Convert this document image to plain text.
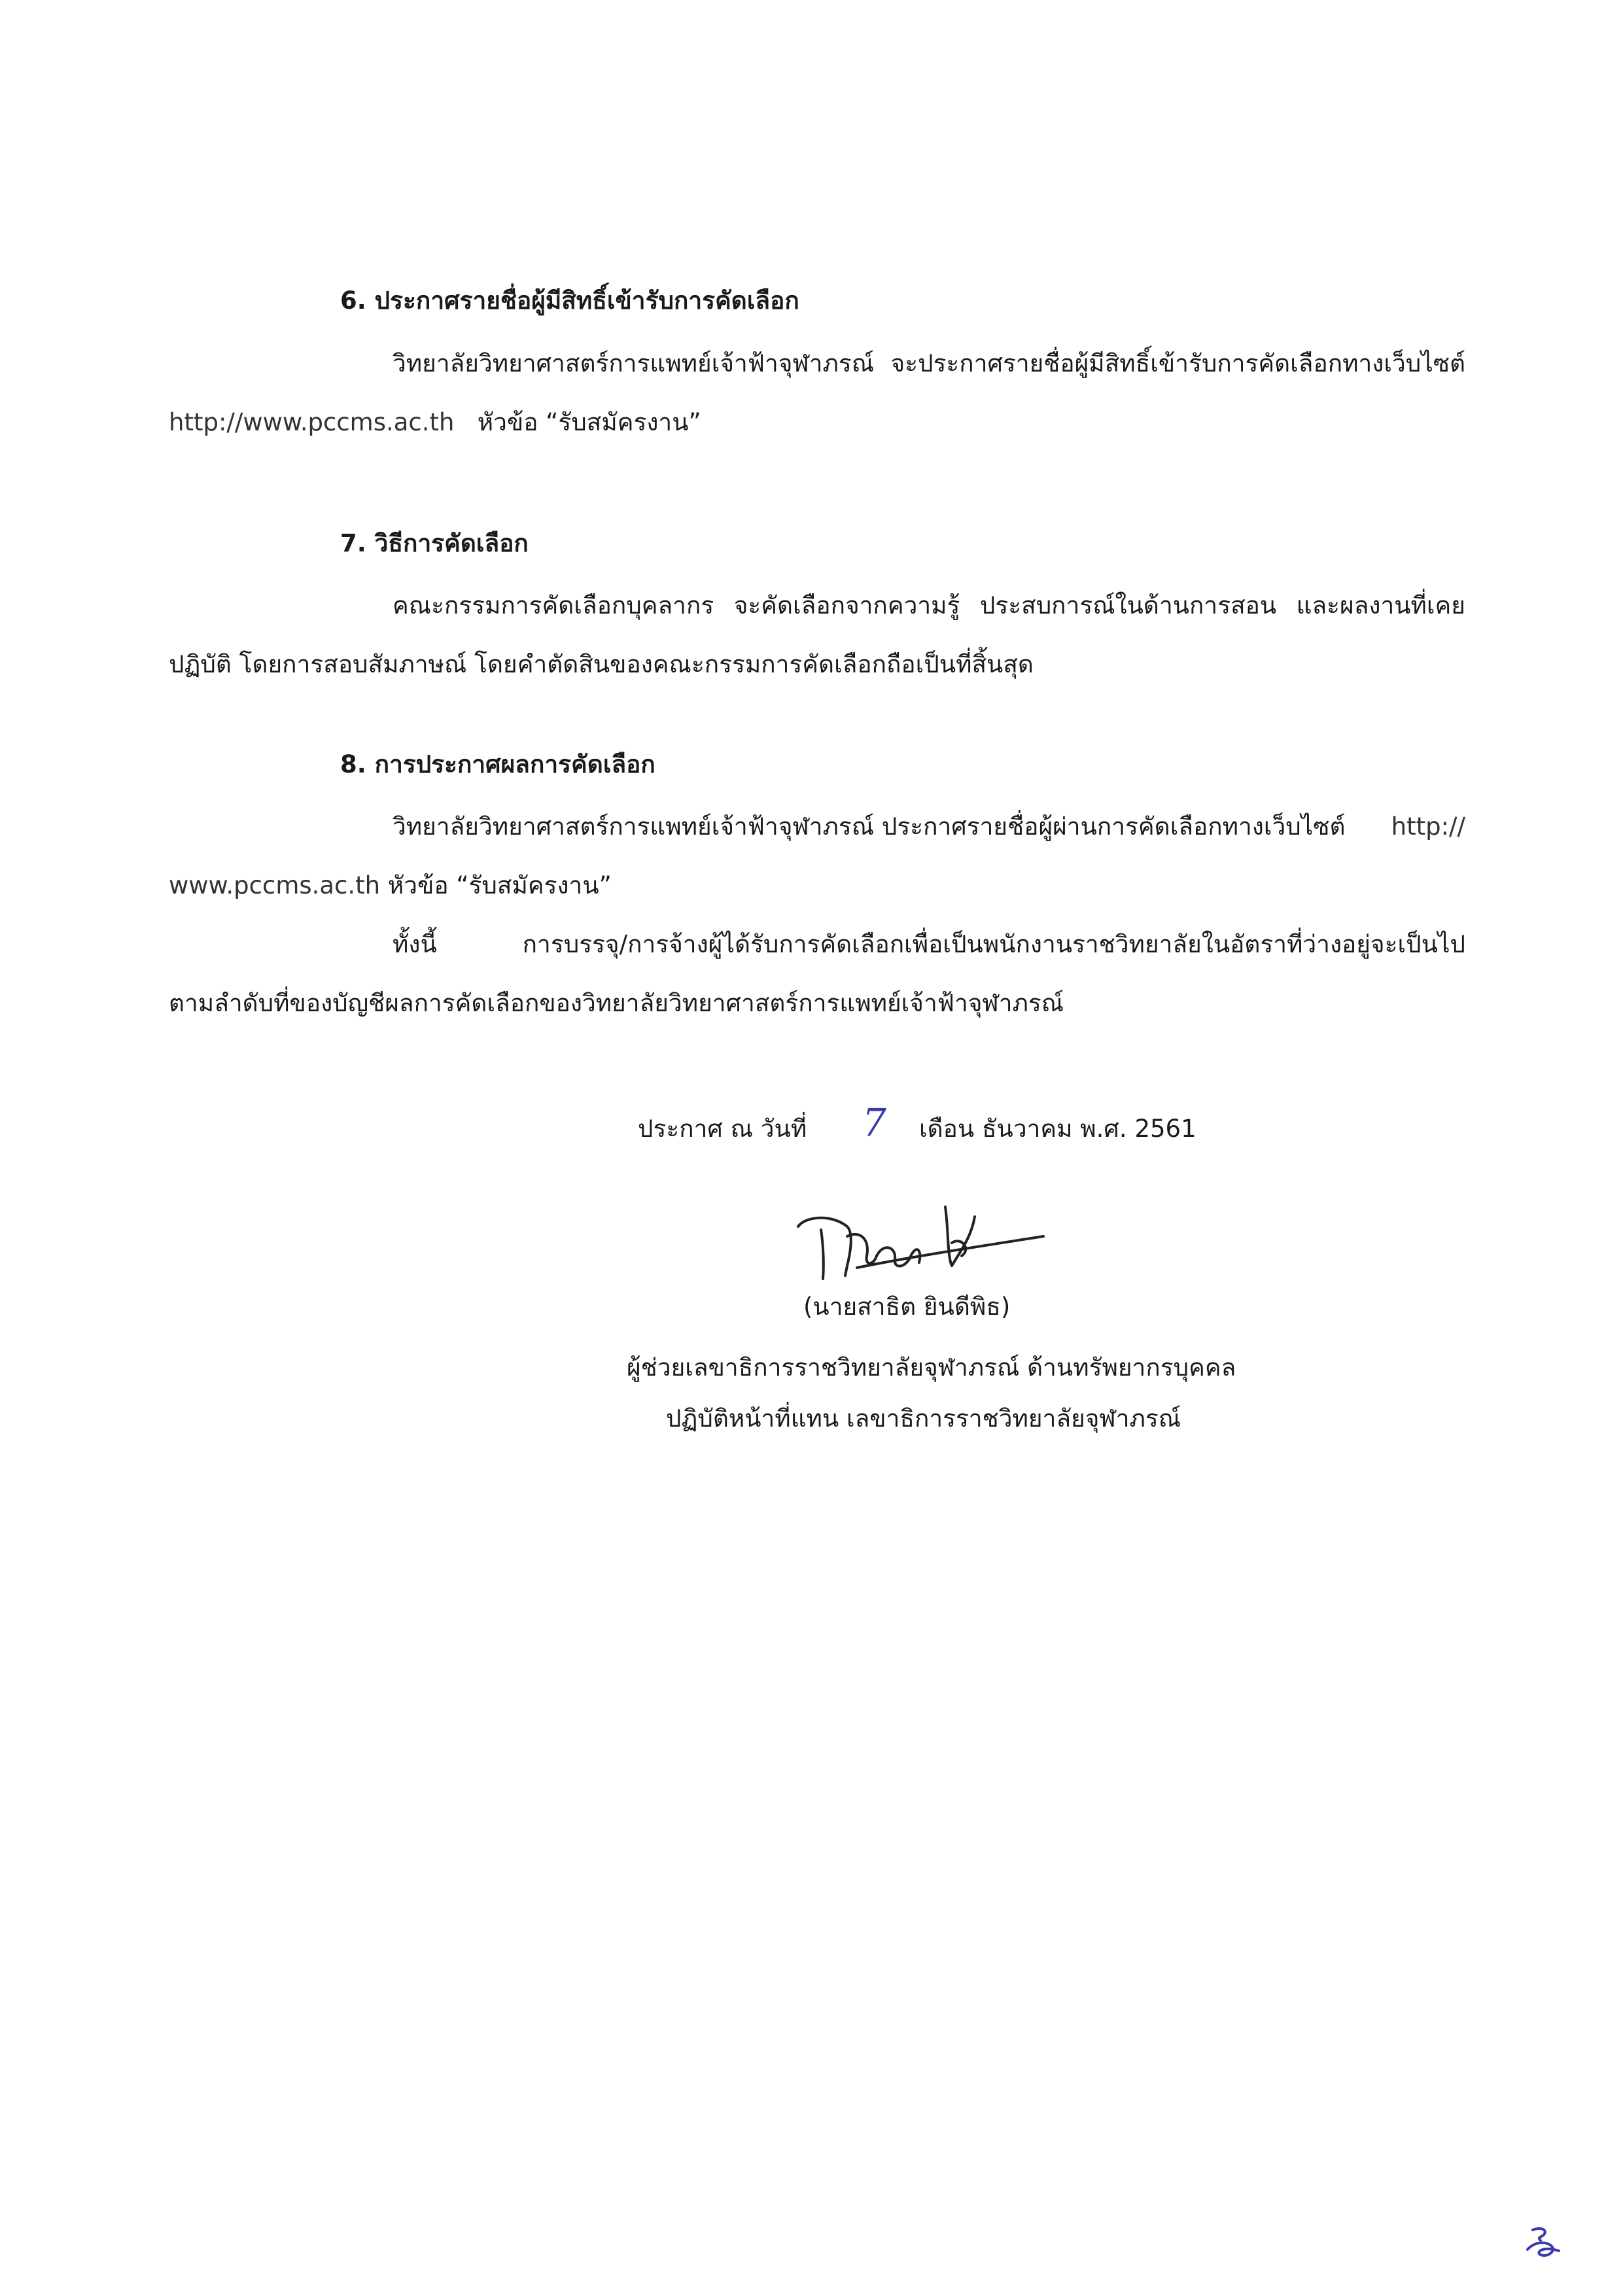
6. ประกาศรายชื่อผู้มีสิทธิ์เข้ารับการคัดเลือก
วิทยาลัยวิทยาศาสตร์การแพทย์เจ้าฟ้าจุฬาภรณ์ จะประกาศรายชื่อผู้มีสิทธิ์เข้ารับการคัดเลือกทางเว็บไซต์
http://www.pccms.ac.th หัวข้อ “รับสมัครงาน”
7. วิธีการคัดเลือก
คณะกรรมการคัดเลือกบุคลากร จะคัดเลือกจากความรู้ ประสบการณ์ในด้านการสอน และผลงานที่เคย
ปฏิบัติ โดยการสอบสัมภาษณ์ โดยคำตัดสินของคณะกรรมการคัดเลือกถือเป็นที่สิ้นสุด
8. การประกาศผลการคัดเลือก
วิทยาลัยวิทยาศาสตร์การแพทย์เจ้าฟ้าจุฬาภรณ์ ประกาศรายชื่อผู้ผ่านการคัดเลือกทางเว็บไซต์ http://
www.pccms.ac.th หัวข้อ “รับสมัครงาน”
ทั้งนี้ การบรรจุ/การจ้างผู้ได้รับการคัดเลือกเพื่อเป็นพนักงานราชวิทยาลัยในอัตราที่ว่างอยู่จะเป็นไป
ตามลำดับที่ของบัญชีผลการคัดเลือกของวิทยาลัยวิทยาศาสตร์การแพทย์เจ้าฟ้าจุฬาภรณ์
ประกาศ ณ วันที่ 7 เดือน ธันวาคม พ.ศ. 2561
(นายสาธิต ยินดีพิธ)
ผู้ช่วยเลขาธิการราชวิทยาลัยจุฬาภรณ์ ด้านทรัพยากรบุคคล
ปฏิบัติหน้าที่แทน เลขาธิการราชวิทยาลัยจุฬาภรณ์
